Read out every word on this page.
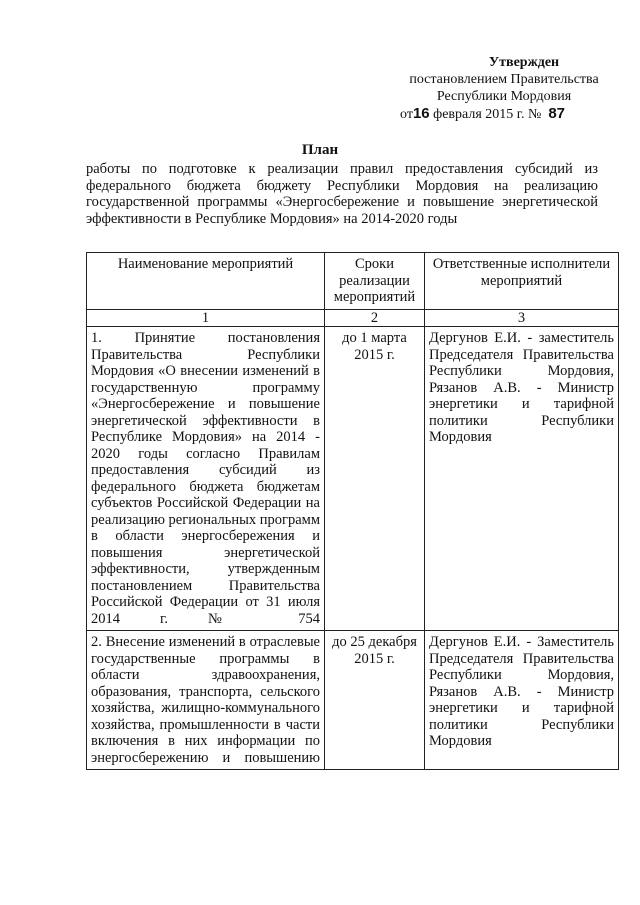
Утвержден
постановлением Правительства
Республики Мордовия
от16 февраля 2015 г. № 87
План
работы по подготовке к реализации правил предоставления субсидий из федерального бюджета бюджету Республики Мордовия на реализацию государственной программы «Энергосбережение и повышение энергетической эффективности в Республике Мордовия» на 2014-2020 годы
Наименование мероприятий	Сроки реализации мероприятий	Ответственные исполнители мероприятий
1	2	3
1. Принятие постановления Правительства Республики Мордовия «О внесении изменений в государственную программу «Энергосбережение и повышение энергетической эффективности в Республике Мордовия» на 2014 - 2020 годы согласно Правилам предоставления субсидий из федерального бюджета бюджетам субъектов Российской Федерации на реализацию региональных программ в области энергосбережения и повышения энергетической эффективности, утвержденным постановлением Правительства Российской Федерации от 31 июля 2014 г. № 754	до 1 марта 2015 г.	Дергунов Е.И. - заместитель Председателя Правительства Республики Мордовия, Рязанов А.В. - Министр энергетики и тарифной политики Республики Мордовия
2. Внесение изменений в отраслевые государственные программы в области здравоохранения, образования, транспорта, сельского хозяйства, жилищно-коммунального хозяйства, промышленности в части включения в них информации по энергосбережению и повышению	до 25 декабря 2015 г.	Дергунов Е.И. - Заместитель Председателя Правительства Республики Мордовия, Рязанов А.В. - Министр энергетики и тарифной политики Республики Мордовия
